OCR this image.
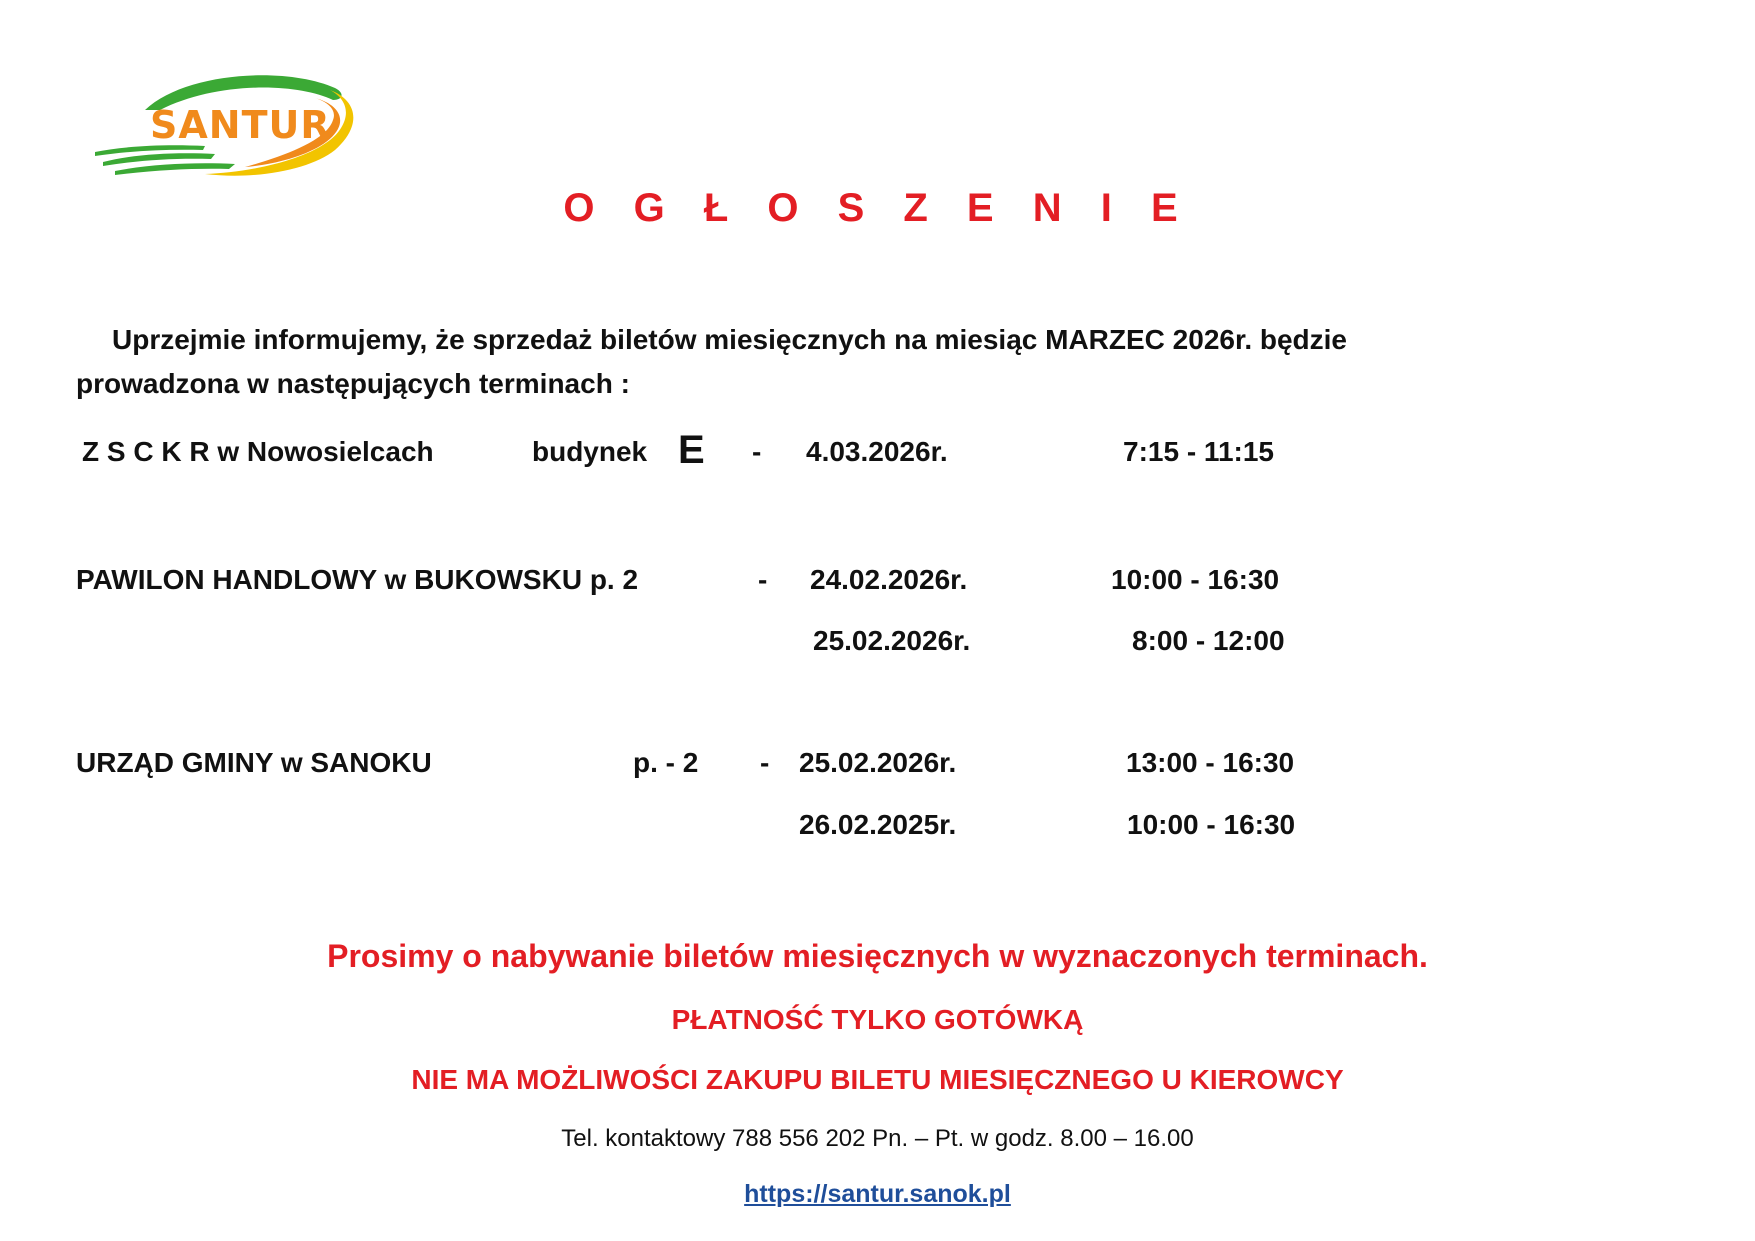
SANTUR
O G Ł O S Z E N I E
Uprzejmie informujemy, że sprzedaż biletów miesięcznych na miesiąc MARZEC 2026r. będzie
prowadzona w następujących terminach :
Z S C K R w Nowosielcach	budynek E - 4.03.2026r.	7:15 - 11:15
PAWILON HANDLOWY w BUKOWSKU p. 2	- 24.02.2026r.	10:00 - 16:30
25.02.2026r.	8:00 - 12:00
URZĄD GMINY w SANOKU	p. - 2 - 25.02.2026r.	13:00 - 16:30
26.02.2025r.	10:00 - 16:30
Prosimy o nabywanie biletów miesięcznych w wyznaczonych terminach.
PŁATNOŚĆ TYLKO GOTÓWKĄ
NIE MA MOŻLIWOŚCI ZAKUPU BILETU MIESIĘCZNEGO U KIEROWCY
Tel. kontaktowy 788 556 202 Pn. – Pt. w godz. 8.00 – 16.00
https://santur.sanok.pl
